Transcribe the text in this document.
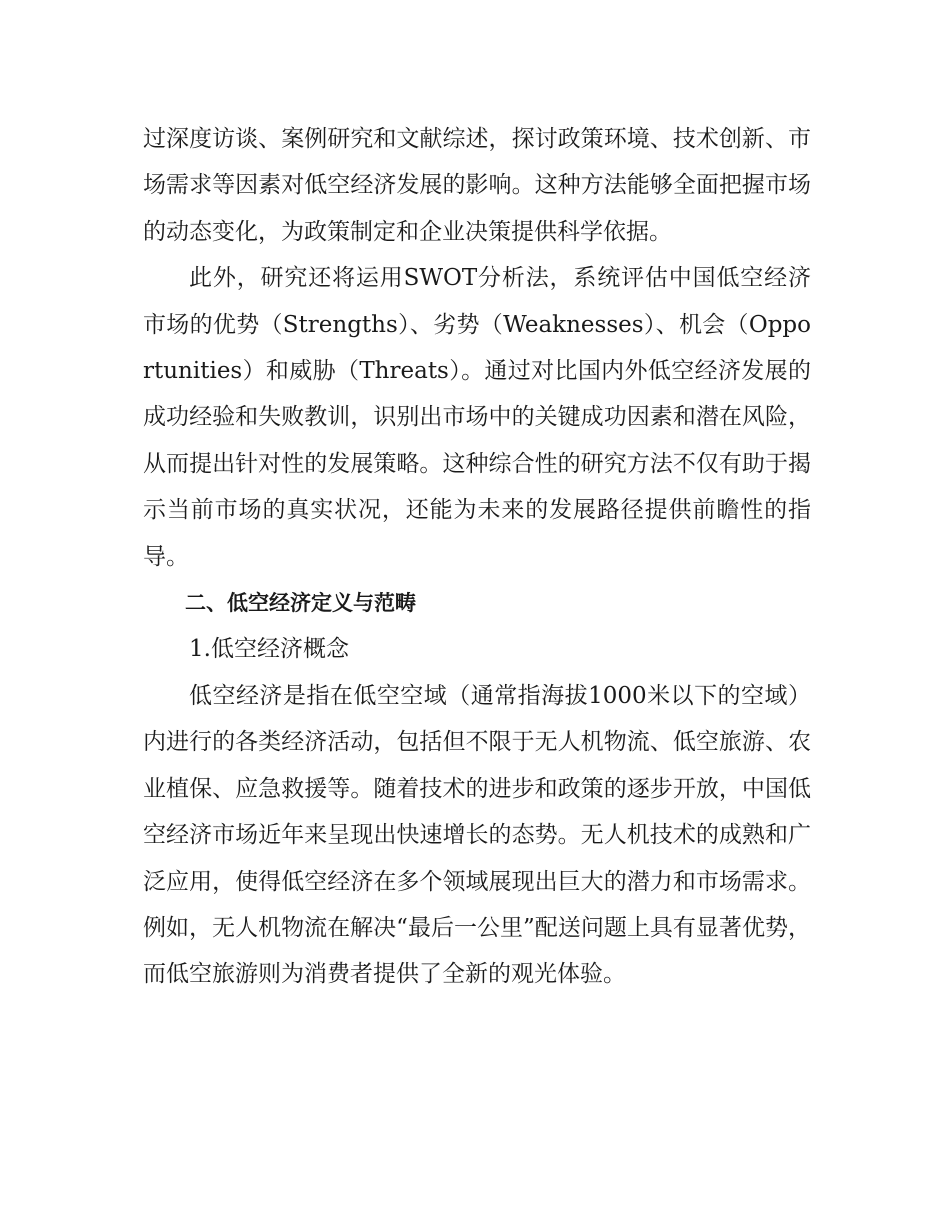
过深度访谈、案例研究和文献综述，探讨政策环境、技术创新、市场需求等因素对低空经济发展的影响。这种方法能够全面把握市场的动态变化，为政策制定和企业决策提供科学依据。

此外，研究还将运用SWOT分析法，系统评估中国低空经济市场的优势（Strengths）、劣势（Weaknesses）、机会（Opportunities）和威胁（Threats）。通过对比国内外低空经济发展的成功经验和失败教训，识别出市场中的关键成功因素和潜在风险，从而提出针对性的发展策略。这种综合性的研究方法不仅有助于揭示当前市场的真实状况，还能为未来的发展路径提供前瞻性的指导。

二、低空经济定义与范畴
1.低空经济概念

低空经济是指在低空空域（通常指海拔1000米以下的空域）内进行的各类经济活动，包括但不限于无人机物流、低空旅游、农业植保、应急救援等。随着技术的进步和政策的逐步开放，中国低空经济市场近年来呈现出快速增长的态势。无人机技术的成熟和广泛应用，使得低空经济在多个领域展现出巨大的潜力和市场需求。例如，无人机物流在解决“最后一公里”配送问题上具有显著优势，而低空旅游则为消费者提供了全新的观光体验。
